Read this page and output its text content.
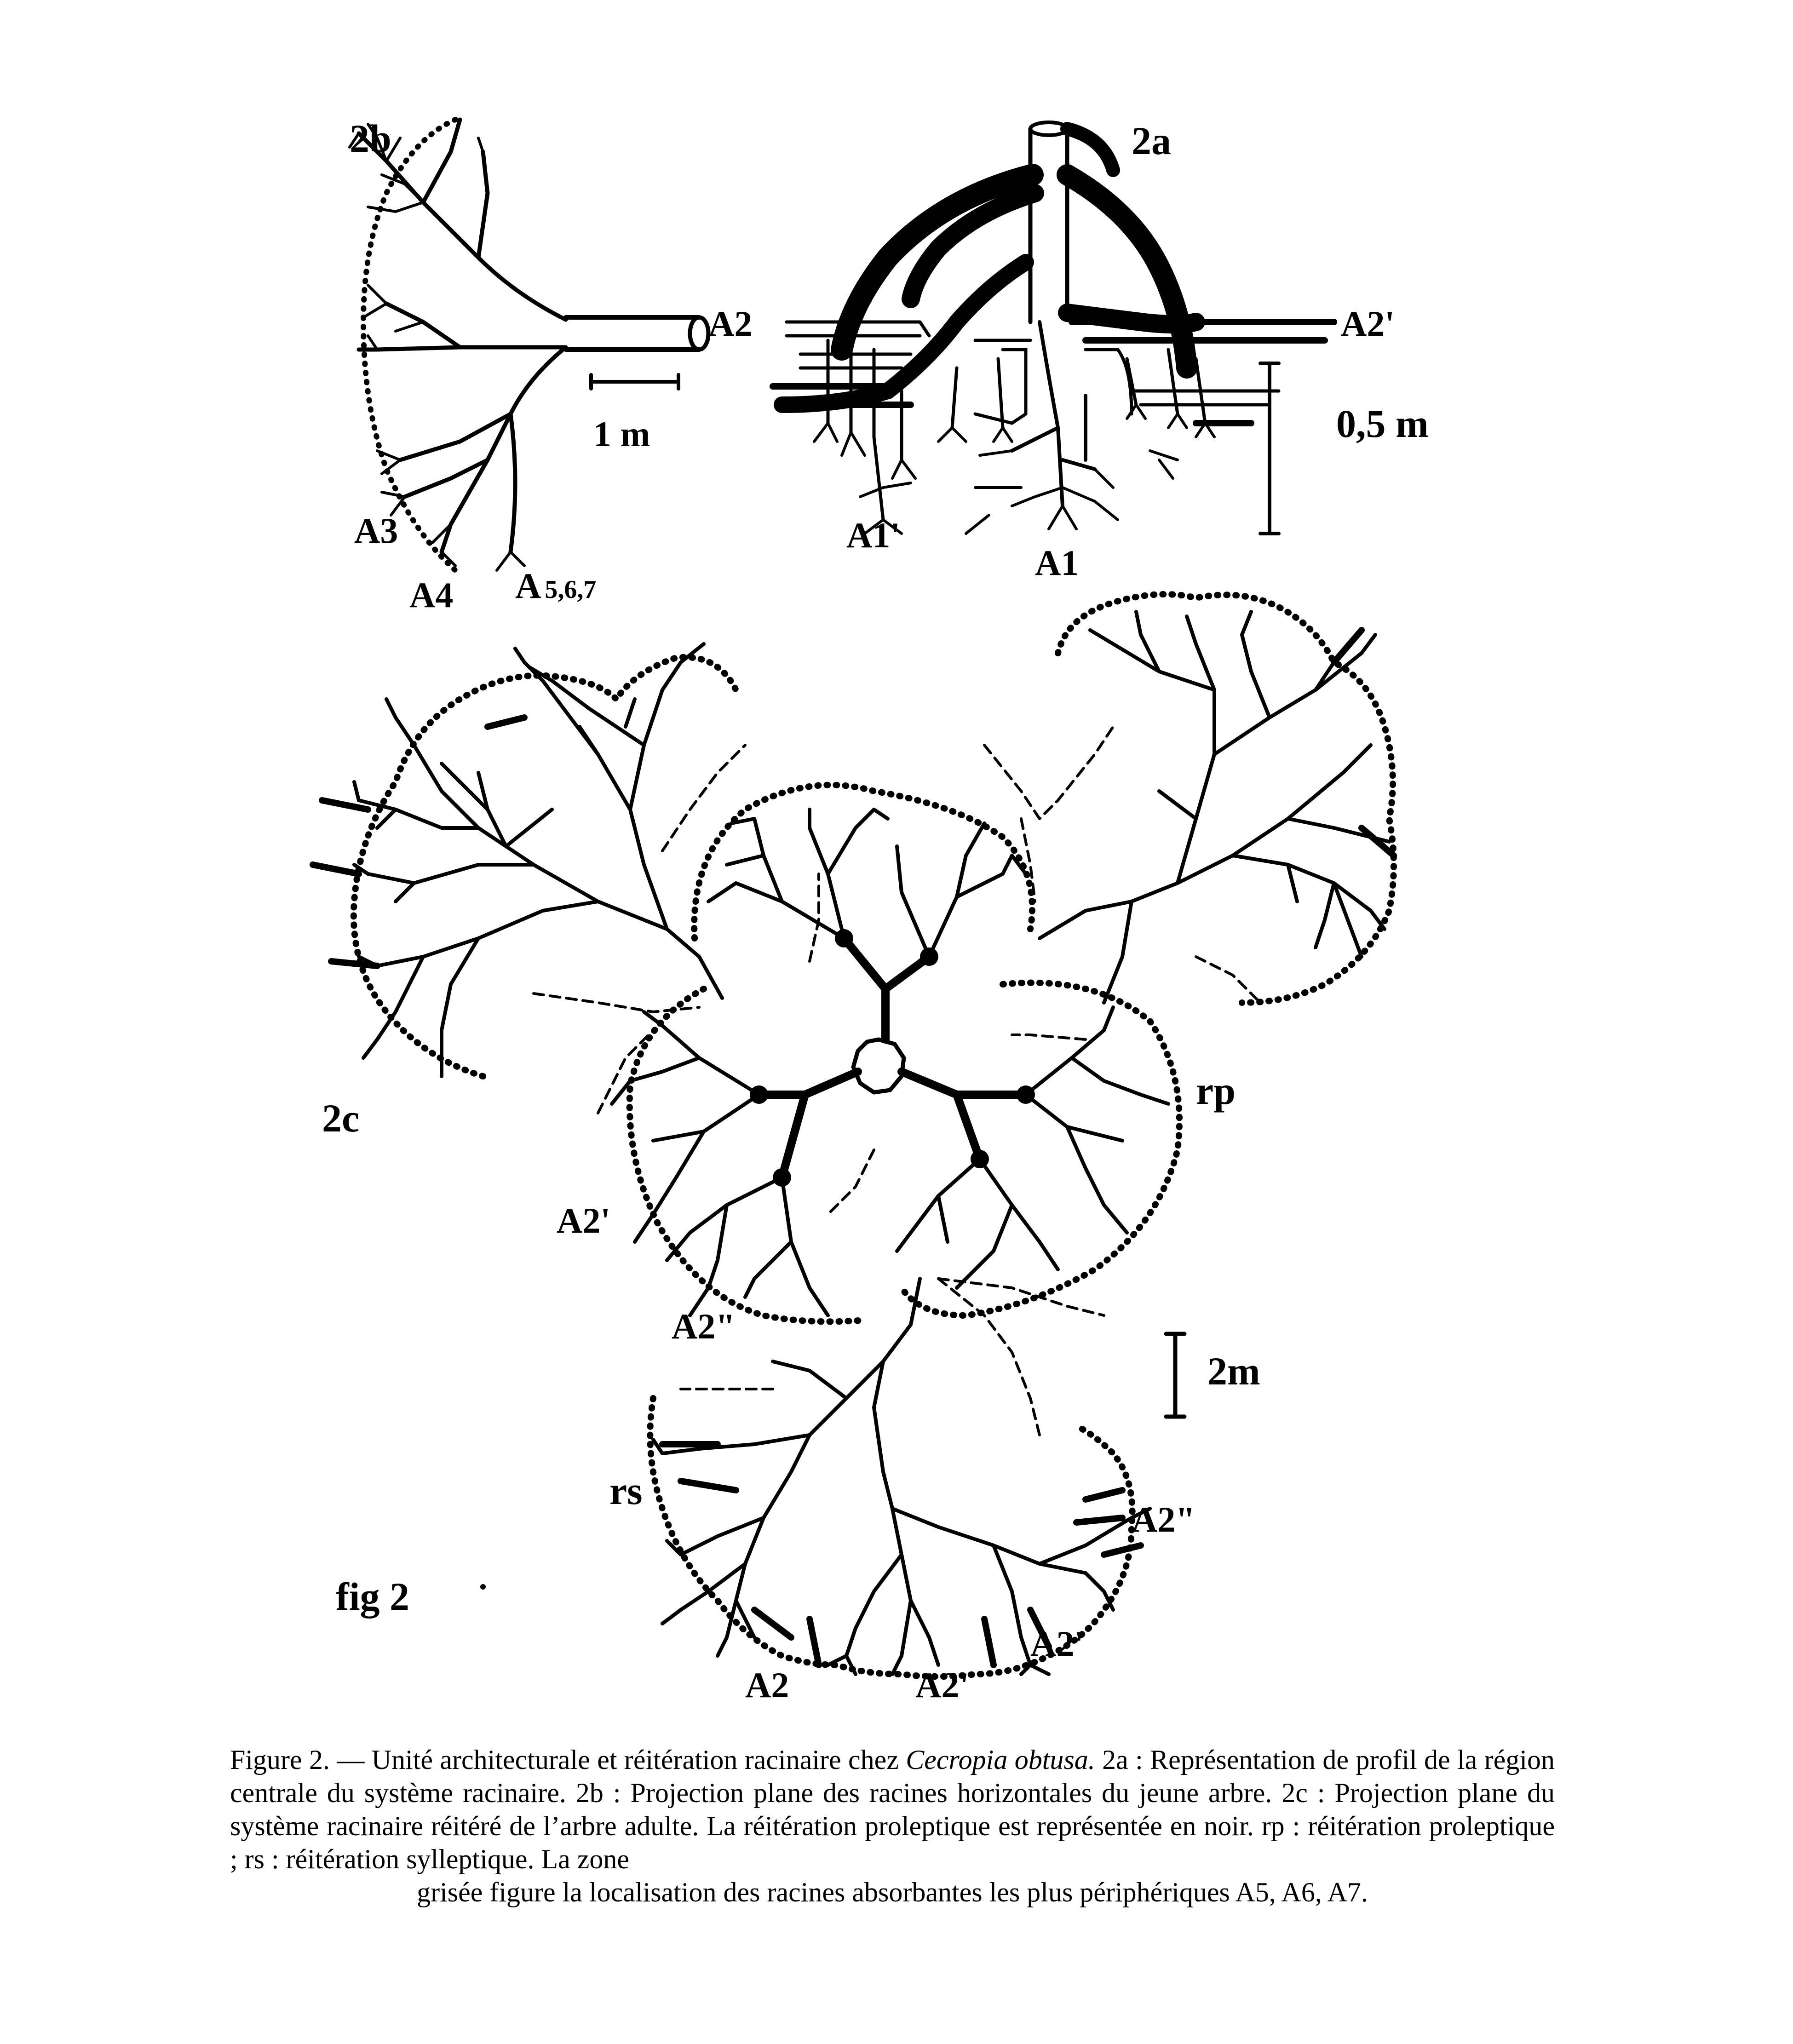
2b
A2
1 m
A3
A4 A 5,6,7
2a
A2'
0,5 m
A1'
A1
2c
rp
A2'
A2"
2m
rs
A2"
A2'
A2	A2'
fig 2
Figure 2. — Unité architecturale et réitération racinaire chez Cecropia obtusa. 2a : Représentation de profil de la région centrale du système racinaire. 2b : Projection plane des racines horizontales du jeune arbre. 2c : Projection plane du système racinaire réitéré de l’arbre adulte. La réitération proleptique est représentée en noir. rp : réitération proleptique ; rs : réitération sylleptique. La zone
grisée figure la localisation des racines absorbantes les plus périphériques A5, A6, A7.
